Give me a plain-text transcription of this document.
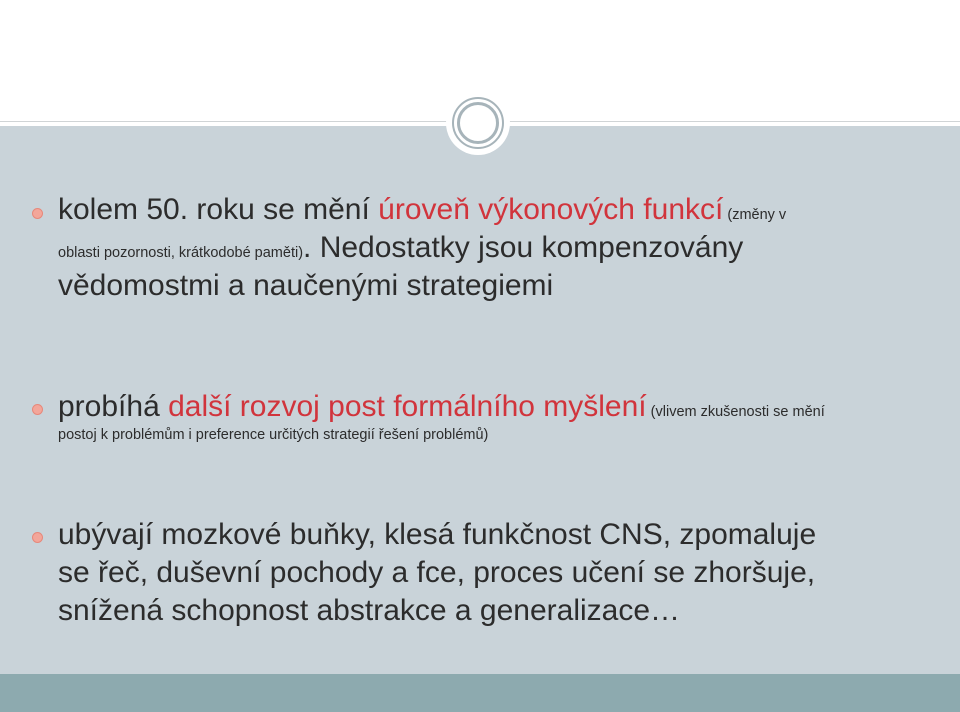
kolem 50. roku se mění úroveň výkonových funkcí (změny v
oblasti pozornosti, krátkodobé paměti). Nedostatky jsou kompenzovány
vědomostmi a naučenými strategiemi
probíhá další rozvoj post formálního myšlení (vlivem zkušenosti se mění
postoj k problémům i preference určitých strategií řešení problémů)
ubývají mozkové buňky, klesá funkčnost CNS, zpomaluje
se řeč, duševní pochody a fce, proces učení se zhoršuje,
snížená schopnost abstrakce a generalizace…
